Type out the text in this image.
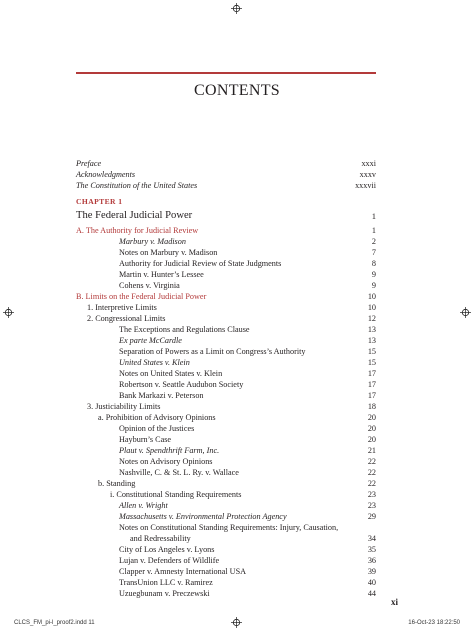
CONTENTS
Preface	xxxi
Acknowledgments	xxxv
The Constitution of the United States	xxxvii
CHAPTER 1
The Federal Judicial Power	1
A. The Authority for Judicial Review	1
Marbury v. Madison	2
Notes on Marbury v. Madison	7
Authority for Judicial Review of State Judgments	8
Martin v. Hunter’s Lessee	9
Cohens v. Virginia	9
B. Limits on the Federal Judicial Power	10
1. Interpretive Limits	10
2. Congressional Limits	12
The Exceptions and Regulations Clause	13
Ex parte McCardle	13
Separation of Powers as a Limit on Congress’s Authority	15
United States v. Klein	15
Notes on United States v. Klein	17
Robertson v. Seattle Audubon Society	17
Bank Markazi v. Peterson	17
3. Justiciability Limits	18
a. Prohibition of Advisory Opinions	20
Opinion of the Justices	20
Hayburn’s Case	20
Plaut v. Spendthrift Farm, Inc.	21
Notes on Advisory Opinions	22
Nashville, C. & St. L. Ry. v. Wallace	22
b. Standing	22
i. Constitutional Standing Requirements	23
Allen v. Wright	23
Massachusetts v. Environmental Protection Agency	29
Notes on Constitutional Standing Requirements: Injury, Causation,
and Redressability	34
City of Los Angeles v. Lyons	35
Lujan v. Defenders of Wildlife	36
Clapper v. Amnesty International USA	39
TransUnion LLC v. Ramirez	40
Uzuegbunam v. Preczewski	44
xi
CLCS_FM_pi-l_proof2.indd 11	16-Oct-23 18:22:50
